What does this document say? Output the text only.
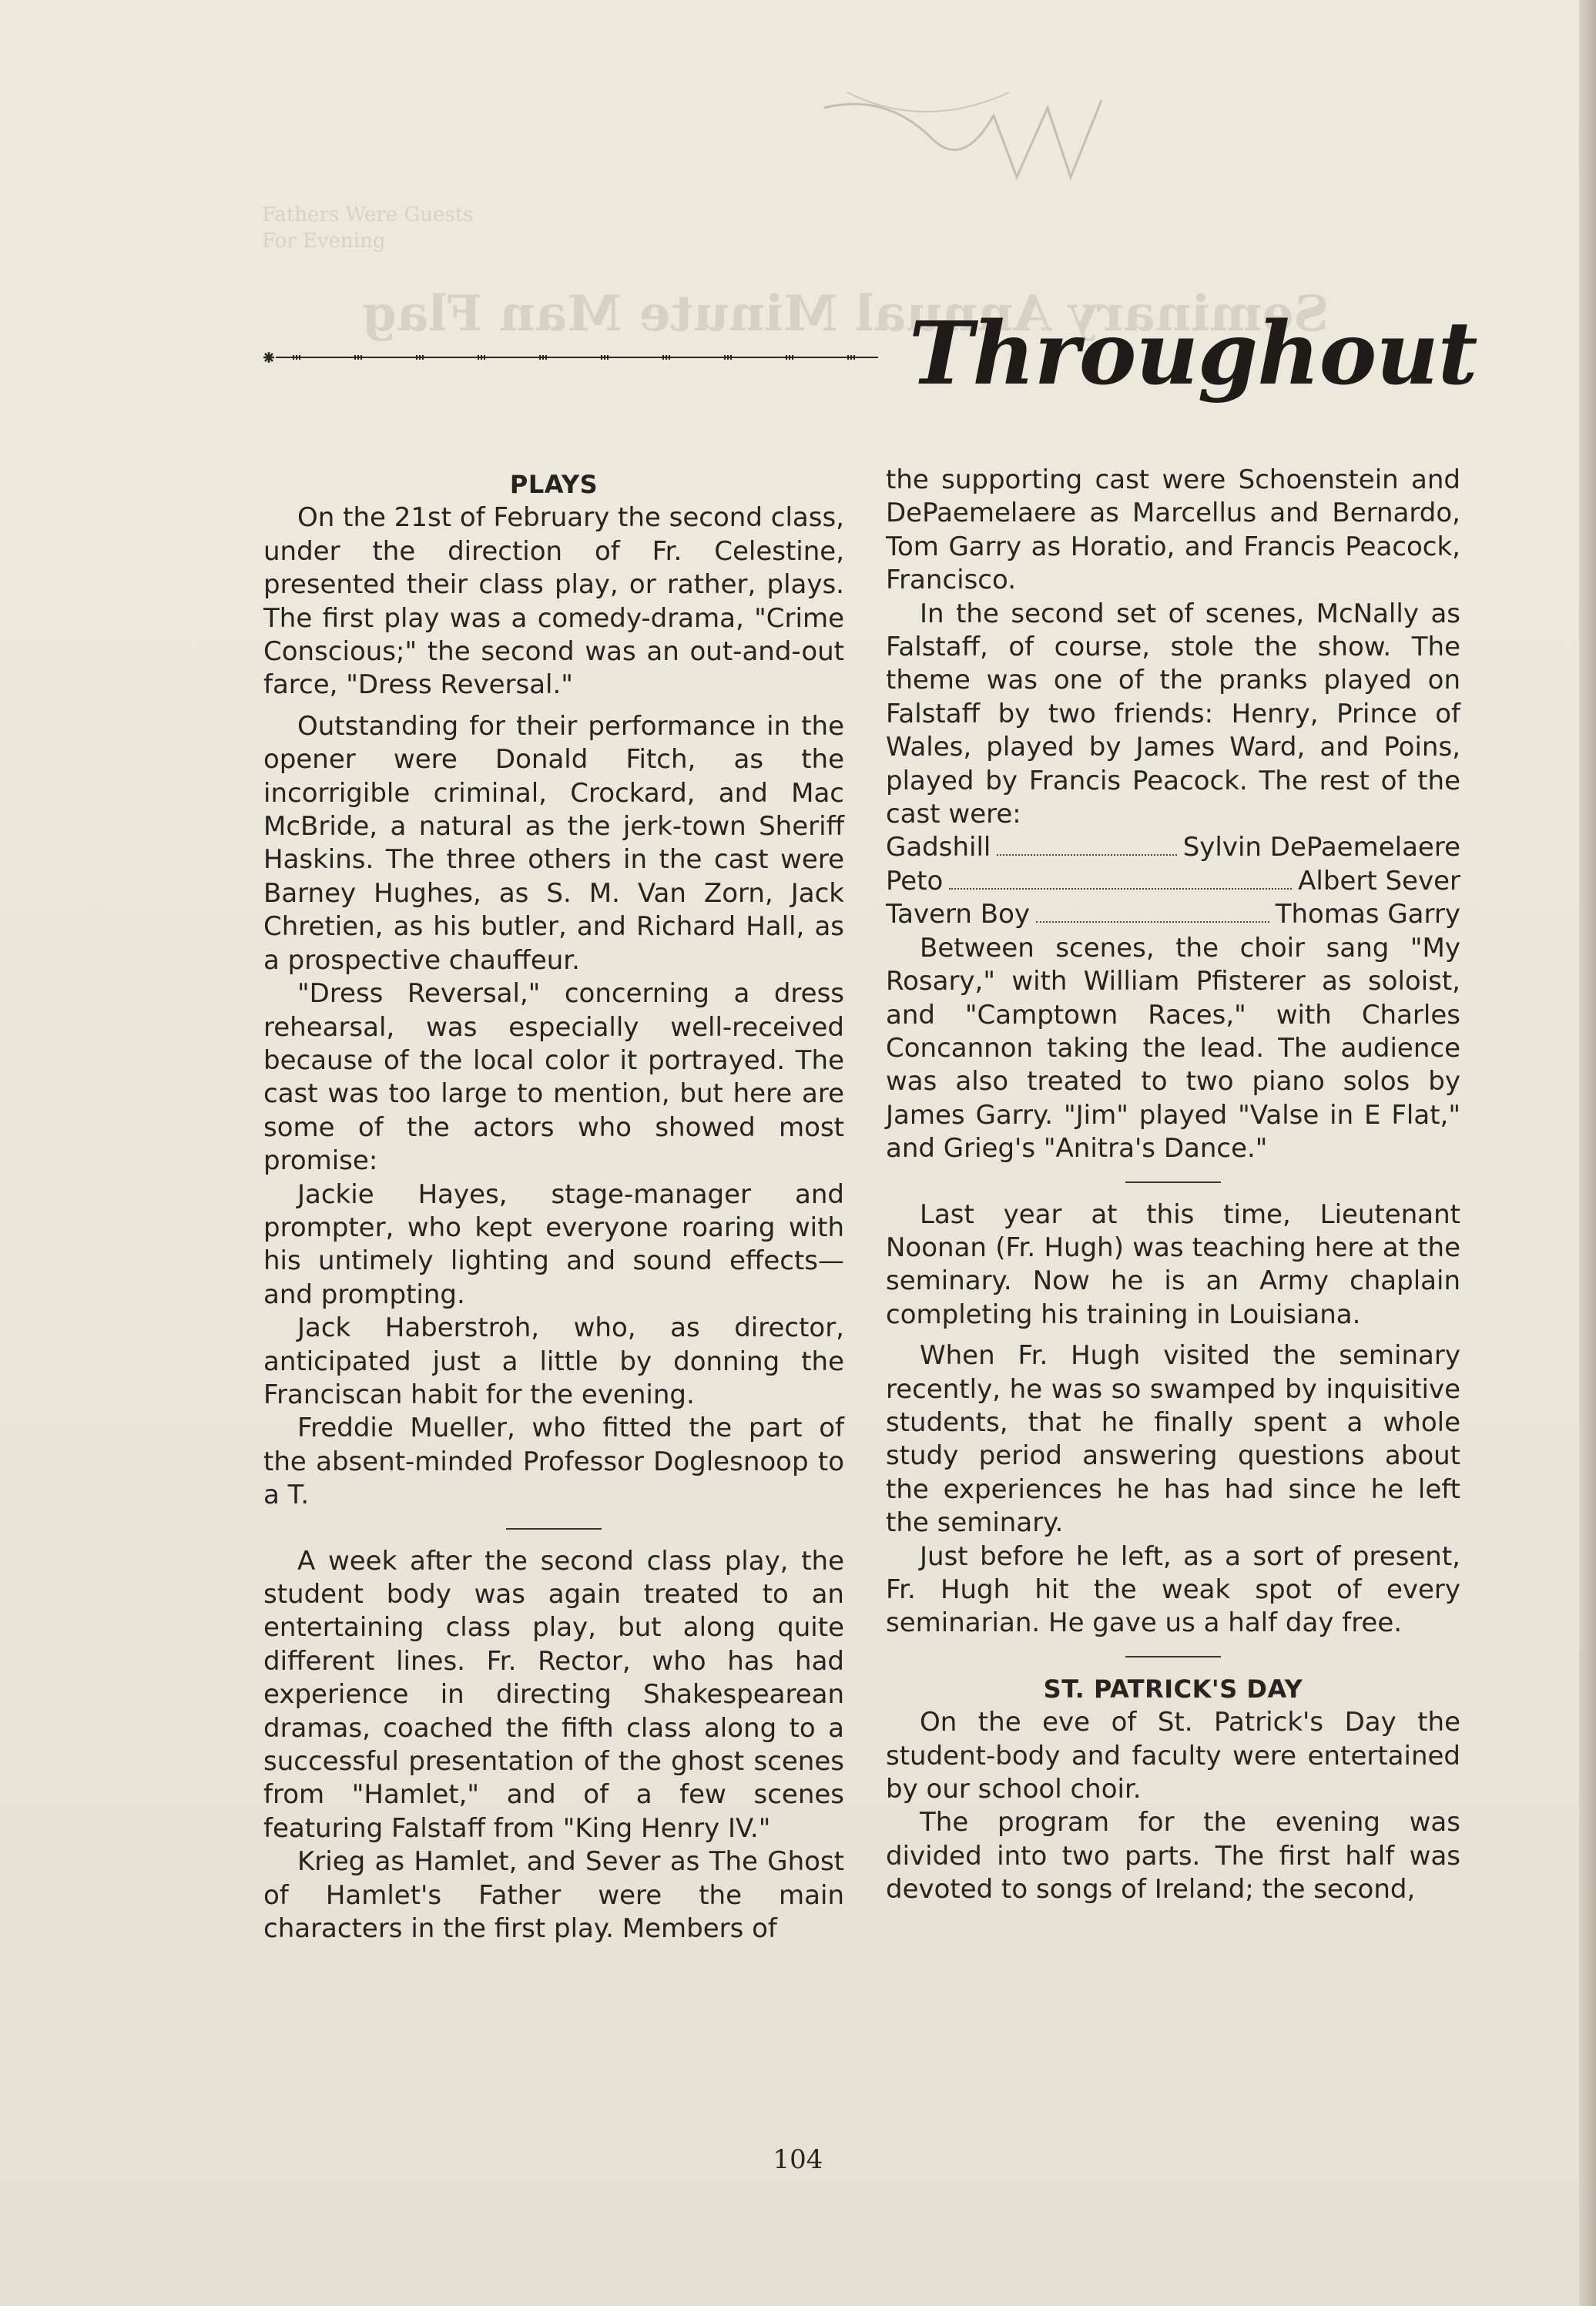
Fathers Were Guests
For Evening
Seminary Annual Minute Man Flag
Throughout

PLAYS

On the 21st of February the second class, under the direction of Fr. Celestine, presented their class play, or rather, plays. The first play was a comedy-drama, "Crime Conscious;" the second was an out-and-out farce, "Dress Reversal."

Outstanding for their performance in the opener were Donald Fitch, as the incorrigible criminal, Crockard, and Mac McBride, a natural as the jerk-town Sheriff Haskins. The three others in the cast were Barney Hughes, as S. M. Van Zorn, Jack Chretien, as his butler, and Richard Hall, as a prospective chauffeur.

"Dress Reversal," concerning a dress rehearsal, was especially well-received because of the local color it portrayed. The cast was too large to mention, but here are some of the actors who showed most promise:

Jackie Hayes, stage-manager and prompter, who kept everyone roaring with his untimely lighting and sound effects—and prompting.

Jack Haberstroh, who, as director, anticipated just a little by donning the Franciscan habit for the evening.

Freddie Mueller, who fitted the part of the absent-minded Professor Doglesnoop to a T.

A week after the second class play, the student body was again treated to an entertaining class play, but along quite different lines. Fr. Rector, who has had experience in directing Shakespearean dramas, coached the fifth class along to a successful presentation of the ghost scenes from "Hamlet," and of a few scenes featuring Falstaff from "King Henry IV."

Krieg as Hamlet, and Sever as The Ghost of Hamlet's Father were the main characters in the first play. Members of

the supporting cast were Schoenstein and DePaemelaere as Marcellus and Bernardo, Tom Garry as Horatio, and Francis Peacock, Francisco.

In the second set of scenes, McNally as Falstaff, of course, stole the show. The theme was one of the pranks played on Falstaff by two friends: Henry, Prince of Wales, played by James Ward, and Poins, played by Francis Peacock. The rest of the cast were:

Gadshill	Sylvin DePaemelaere
Peto	Albert Sever
Tavern Boy	Thomas Garry

Between scenes, the choir sang "My Rosary," with William Pfisterer as soloist, and "Camptown Races," with Charles Concannon taking the lead. The audience was also treated to two piano solos by James Garry. "Jim" played "Valse in E Flat," and Grieg's "Anitra's Dance."

Last year at this time, Lieutenant Noonan (Fr. Hugh) was teaching here at the seminary. Now he is an Army chaplain completing his training in Louisiana.

When Fr. Hugh visited the seminary recently, he was so swamped by inquisitive students, that he finally spent a whole study period answering questions about the experiences he has had since he left the seminary.

Just before he left, as a sort of present, Fr. Hugh hit the weak spot of every seminarian. He gave us a half day free.

ST. PATRICK'S DAY

On the eve of St. Patrick's Day the student-body and faculty were entertained by our school choir.

The program for the evening was divided into two parts. The first half was devoted to songs of Ireland; the second,

104
